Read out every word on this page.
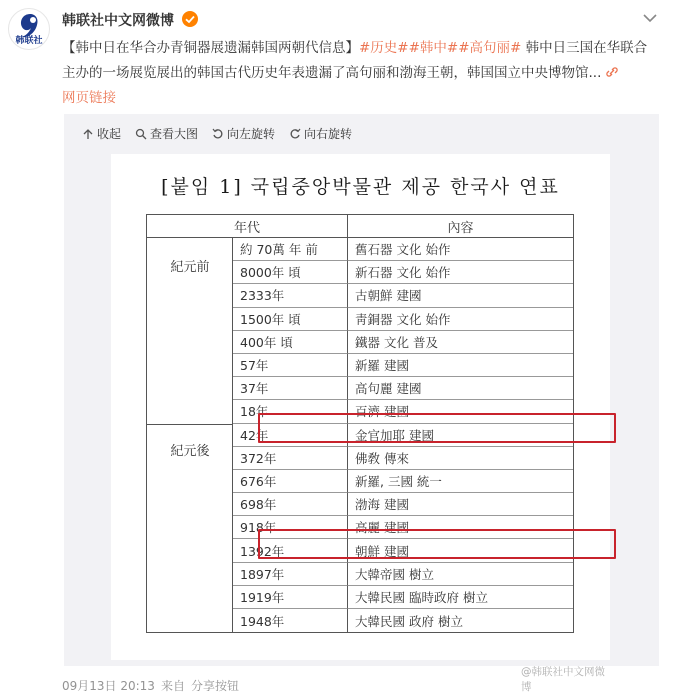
韩联社
韩联社中文网微博
【韩中日在华合办青铜器展遗漏韩国两朝代信息】#历史##韩中##高句丽# 韩中日三国在华联合主办的一场展览展出的韩国古代历史年表遗漏了高句丽和渤海王朝，韩国国立中央博物馆...
网页链接
收起 查看大图 向左旋转 向右旋转
[붙임 1] 국립중앙박물관 제공 한국사 연표
年代	內容
紀元前
紀元後
約 70萬 年 前	舊石器 文化 始作
8000年 頃	新石器 文化 始作
2333年	古朝鮮 建國
1500年 頃	靑銅器 文化 始作
400年 頃	鐵器 文化 普及
57年	新羅 建國
37年	高句麗 建國
18年	百濟 建國
42年	金官加耶 建國
372年	佛敎 傳來
676年	新羅, 三國 統一
698年	渤海 建國
918年	高麗 建國
1392年	朝鮮 建國
1897年	大韓帝國 樹立
1919年	大韓民國 臨時政府 樹立
1948年	大韓民國 政府 樹立
@韩联社中文网微博
09月13日 20:13 来自 分享按钮
